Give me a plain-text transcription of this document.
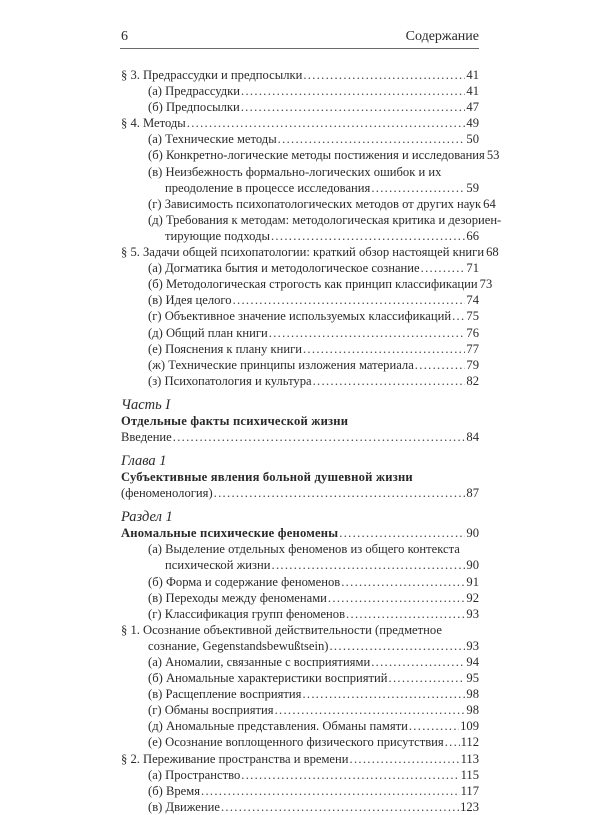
6	Содержание
§ 3. Предрассудки и предпосылки .....	41
(а) Предрассудки .....	41
(б) Предпосылки .....	47
§ 4. Методы .....	49
(а) Технические методы .....	50
(б) Конкретно-логические методы постижения и исследования 53
(в) Неизбежность формально-логических ошибок и их
преодоление в процессе исследования .....	59
(г) Зависимость психопатологических методов от других наук 64
(д) Требования к методам: методологическая критика и дезориен-
тирующие подходы .....	66
§ 5. Задачи общей психопатологии: краткий обзор настоящей книги 68
(а) Догматика бытия и методологическое сознание .....	71
(б) Методологическая строгость как принцип классификации 73
(в) Идея целого .....	74
(г) Объективное значение используемых классификаций ..... 75
(д) Общий план книги .....	76
(е) Пояснения к плану книги .....	77
(ж) Технические принципы изложения материала .....	79
(з) Психопатология и культура .....	82
Часть I
Отдельные факты психической жизни
Введение .....	84
Глава 1
Субъективные явления больной душевной жизни
(феноменология) .....	87
Раздел 1
Аномальные психические феномены .....	90
(а) Выделение отдельных феноменов из общего контекста
психической жизни .....	90
(б) Форма и содержание феноменов .....	91
(в) Переходы между феноменами .....	92
(г) Классификация групп феноменов .....	93
§ 1. Осознание объективной действительности (предметное
сознание, Gegenstandsbewußtsein) .....	93
(а) Аномалии, связанные с восприятиями .....	94
(б) Аномальные характеристики восприятий .....	95
(в) Расщепление восприятия .....	98
(г) Обманы восприятия .....	98
(д) Аномальные представления. Обманы памяти .....	109
(е) Осознание воплощенного физического присутствия ..... 112
§ 2. Переживание пространства и времени .....	113
(а) Пространство .....	115
(б) Время .....	117
(в) Движение .....	123
